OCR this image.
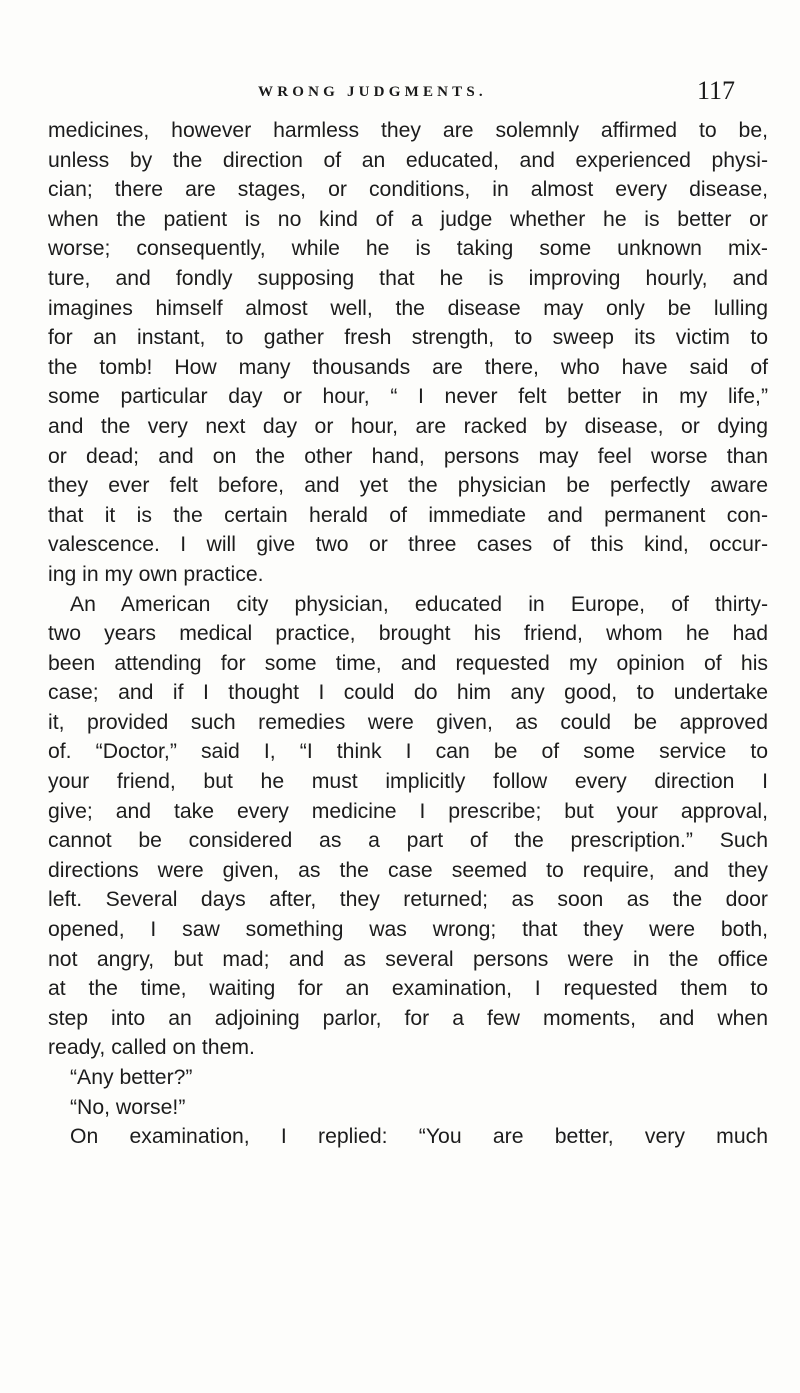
WRONG JUDGMENTS.	117
medicines, however harmless they are solemnly affirmed to be,
unless by the direction of an educated, and experienced physi-
cian; there are stages, or conditions, in almost every disease,
when the patient is no kind of a judge whether he is better or
worse; consequently, while he is taking some unknown mix-
ture, and fondly supposing that he is improving hourly, and
imagines himself almost well, the disease may only be lulling
for an instant, to gather fresh strength, to sweep its victim to
the tomb! How many thousands are there, who have said of
some particular day or hour, “ I never felt better in my life,”
and the very next day or hour, are racked by disease, or dying
or dead; and on the other hand, persons may feel worse than
they ever felt before, and yet the physician be perfectly aware
that it is the certain herald of immediate and permanent con-
valescence. I will give two or three cases of this kind, occur-
ing in my own practice.
An American city physician, educated in Europe, of thirty-
two years medical practice, brought his friend, whom he had
been attending for some time, and requested my opinion of his
case; and if I thought I could do him any good, to undertake
it, provided such remedies were given, as could be approved
of. “Doctor,” said I, “I think I can be of some service to
your friend, but he must implicitly follow every direction I
give; and take every medicine I prescribe; but your approval,
cannot be considered as a part of the prescription.” Such
directions were given, as the case seemed to require, and they
left. Several days after, they returned; as soon as the door
opened, I saw something was wrong; that they were both,
not angry, but mad; and as several persons were in the office
at the time, waiting for an examination, I requested them to
step into an adjoining parlor, for a few moments, and when
ready, called on them.
“Any better?”
“No, worse!”
On examination, I replied: “You are better, very much
